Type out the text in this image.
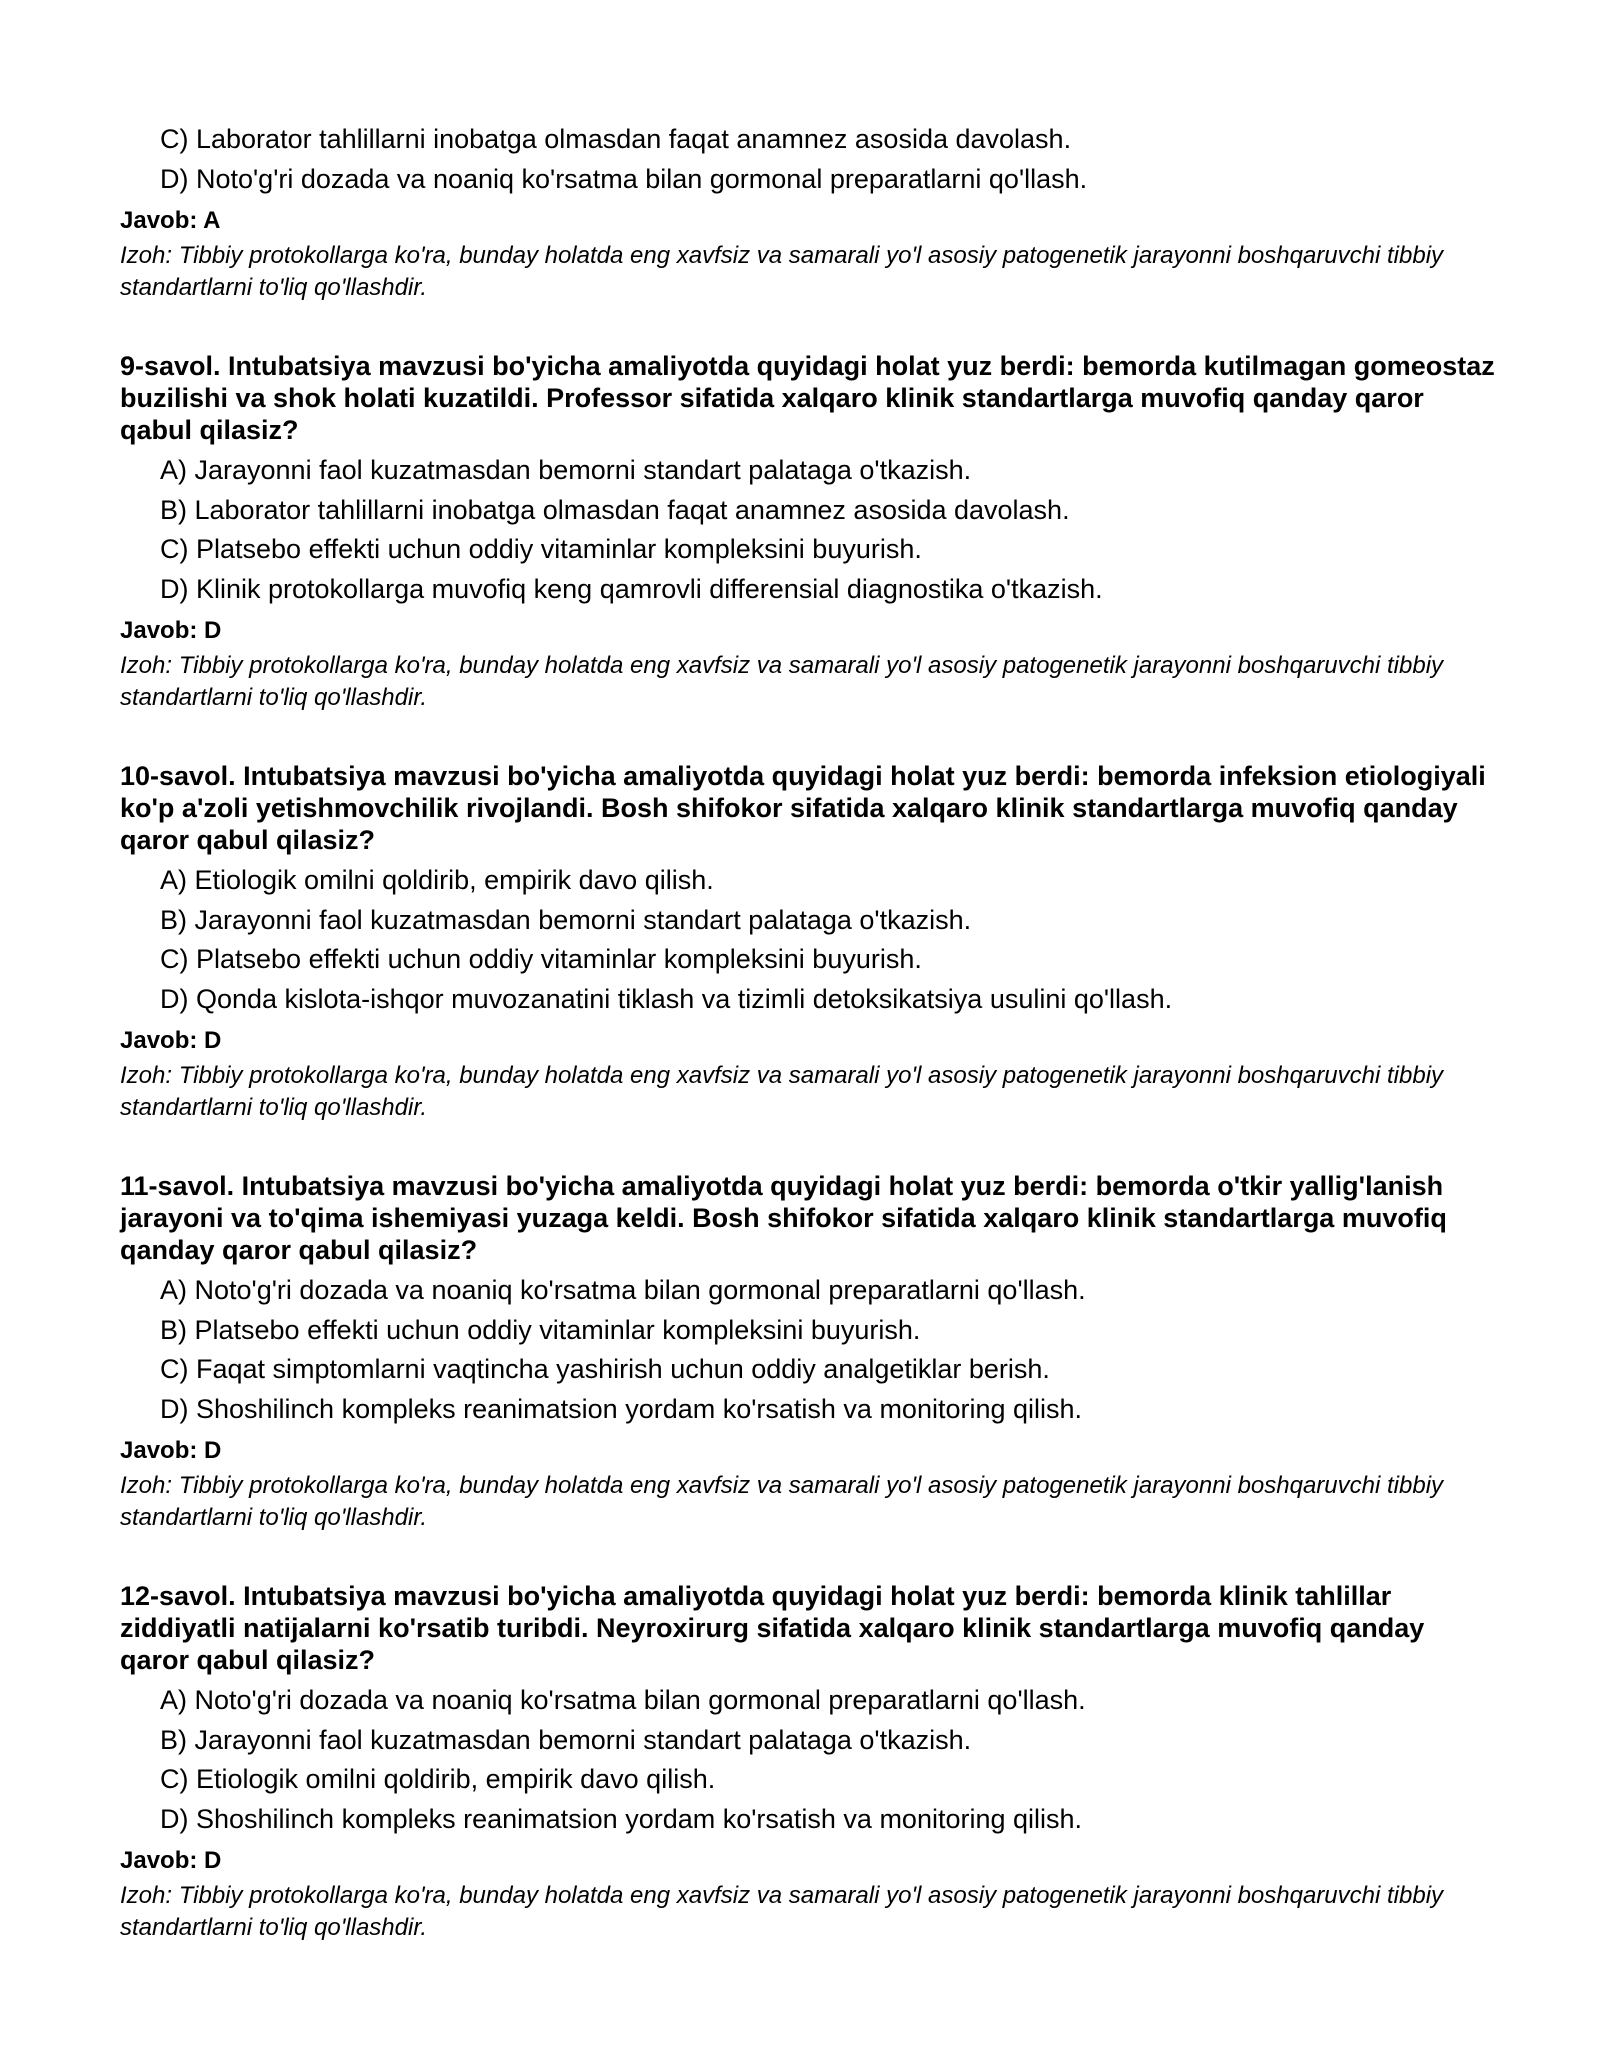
C) Laborator tahlillarni inobatga olmasdan faqat anamnez asosida davolash.
D) Noto'g'ri dozada va noaniq ko'rsatma bilan gormonal preparatlarni qo'llash.
Javob: A
Izoh: Tibbiy protokollarga ko'ra, bunday holatda eng xavfsiz va samarali yo'l asosiy patogenetik jarayonni boshqaruvchi tibbiy standartlarni to'liq qo'llashdir.
9-savol. Intubatsiya mavzusi bo'yicha amaliyotda quyidagi holat yuz berdi: bemorda kutilmagan gomeostaz buzilishi va shok holati kuzatildi. Professor sifatida xalqaro klinik standartlarga muvofiq qanday qaror qabul qilasiz?
A) Jarayonni faol kuzatmasdan bemorni standart palataga o'tkazish.
B) Laborator tahlillarni inobatga olmasdan faqat anamnez asosida davolash.
C) Platsebo effekti uchun oddiy vitaminlar kompleksini buyurish.
D) Klinik protokollarga muvofiq keng qamrovli differensial diagnostika o'tkazish.
Javob: D
Izoh: Tibbiy protokollarga ko'ra, bunday holatda eng xavfsiz va samarali yo'l asosiy patogenetik jarayonni boshqaruvchi tibbiy standartlarni to'liq qo'llashdir.
10-savol. Intubatsiya mavzusi bo'yicha amaliyotda quyidagi holat yuz berdi: bemorda infeksion etiologiyali ko'p a'zoli yetishmovchilik rivojlandi. Bosh shifokor sifatida xalqaro klinik standartlarga muvofiq qanday qaror qabul qilasiz?
A) Etiologik omilni qoldirib, empirik davo qilish.
B) Jarayonni faol kuzatmasdan bemorni standart palataga o'tkazish.
C) Platsebo effekti uchun oddiy vitaminlar kompleksini buyurish.
D) Qonda kislota-ishqor muvozanatini tiklash va tizimli detoksikatsiya usulini qo'llash.
Javob: D
Izoh: Tibbiy protokollarga ko'ra, bunday holatda eng xavfsiz va samarali yo'l asosiy patogenetik jarayonni boshqaruvchi tibbiy standartlarni to'liq qo'llashdir.
11-savol. Intubatsiya mavzusi bo'yicha amaliyotda quyidagi holat yuz berdi: bemorda o'tkir yallig'lanish jarayoni va to'qima ishemiyasi yuzaga keldi. Bosh shifokor sifatida xalqaro klinik standartlarga muvofiq qanday qaror qabul qilasiz?
A) Noto'g'ri dozada va noaniq ko'rsatma bilan gormonal preparatlarni qo'llash.
B) Platsebo effekti uchun oddiy vitaminlar kompleksini buyurish.
C) Faqat simptomlarni vaqtincha yashirish uchun oddiy analgetiklar berish.
D) Shoshilinch kompleks reanimatsion yordam ko'rsatish va monitoring qilish.
Javob: D
Izoh: Tibbiy protokollarga ko'ra, bunday holatda eng xavfsiz va samarali yo'l asosiy patogenetik jarayonni boshqaruvchi tibbiy standartlarni to'liq qo'llashdir.
12-savol. Intubatsiya mavzusi bo'yicha amaliyotda quyidagi holat yuz berdi: bemorda klinik tahlillar ziddiyatli natijalarni ko'rsatib turibdi. Neyroxirurg sifatida xalqaro klinik standartlarga muvofiq qanday qaror qabul qilasiz?
A) Noto'g'ri dozada va noaniq ko'rsatma bilan gormonal preparatlarni qo'llash.
B) Jarayonni faol kuzatmasdan bemorni standart palataga o'tkazish.
C) Etiologik omilni qoldirib, empirik davo qilish.
D) Shoshilinch kompleks reanimatsion yordam ko'rsatish va monitoring qilish.
Javob: D
Izoh: Tibbiy protokollarga ko'ra, bunday holatda eng xavfsiz va samarali yo'l asosiy patogenetik jarayonni boshqaruvchi tibbiy standartlarni to'liq qo'llashdir.
